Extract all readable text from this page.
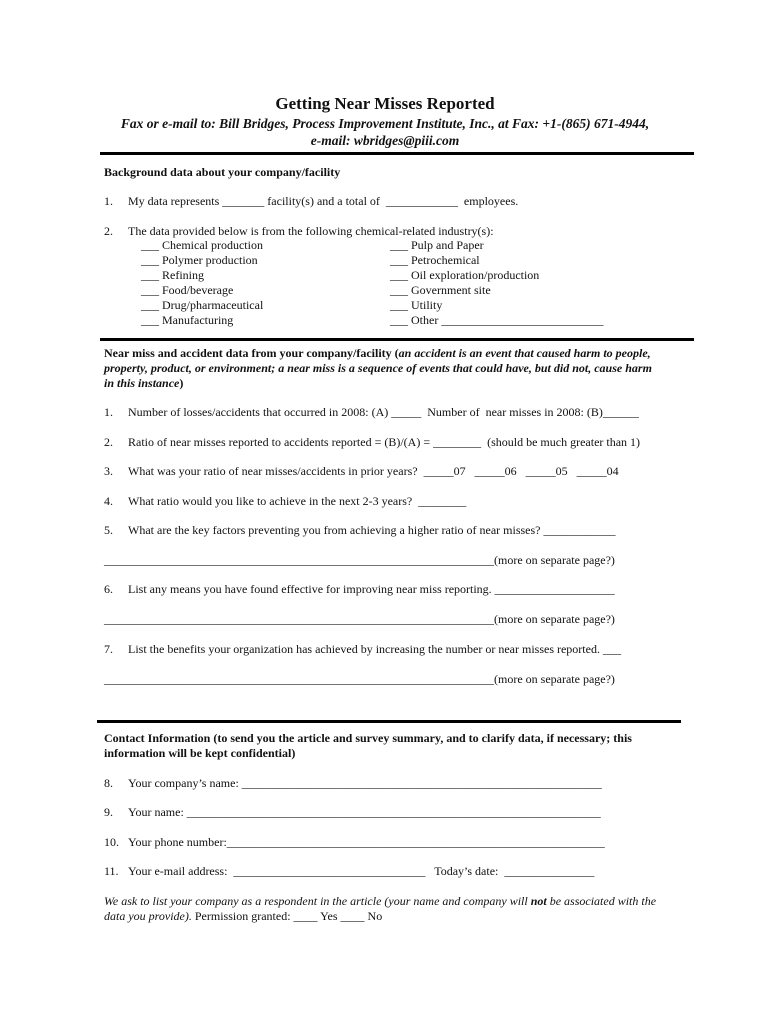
Getting Near Misses Reported
Fax or e-mail to: Bill Bridges, Process Improvement Institute, Inc., at Fax: +1-(865) 671-4944,
e-mail: wbridges@piii.com
Background data about your company/facility
1. My data represents _______ facility(s) and a total of  ____________  employees.
2. The data provided below is from the following chemical-related industry(s):
___ Chemical production
___ Polymer production
___ Refining
___ Food/beverage
___ Drug/pharmaceutical
___ Manufacturing
___ Pulp and Paper
___ Petrochemical
___ Oil exploration/production
___ Government site
___ Utility
___ Other ___________________________
Near miss and accident data from your company/facility (an accident is an event that caused harm to people, property, product, or environment; a near miss is a sequence of events that could have, but did not, cause harm in this instance)
1. Number of losses/accidents that occurred in 2008: (A) _____  Number of  near misses in 2008: (B)______
2. Ratio of near misses reported to accidents reported = (B)/(A) = ________  (should be much greater than 1)
3. What was your ratio of near misses/accidents in prior years?  _____07   _____06   _____05   _____04
4. What ratio would you like to achieve in the next 2-3 years?  ________
5. What are the key factors preventing you from achieving a higher ratio of near misses? ____________
_________________________________________________________________(more on separate page?)
6. List any means you have found effective for improving near miss reporting. ____________________
_________________________________________________________________(more on separate page?)
7. List the benefits your organization has achieved by increasing the number or near misses reported. ___
_________________________________________________________________(more on separate page?)
Contact Information (to send you the article and survey summary, and to clarify data, if necessary; this information will be kept confidential)
8. Your company’s name: ____________________________________________________________
9. Your name: _____________________________________________________________________
10. Your phone number:_______________________________________________________________
11. Your e-mail address:  ________________________________   Today’s date:  _______________
We ask to list your company as a respondent in the article (your name and company will not be associated with the data you provide). Permission granted: ____ Yes ____ No
